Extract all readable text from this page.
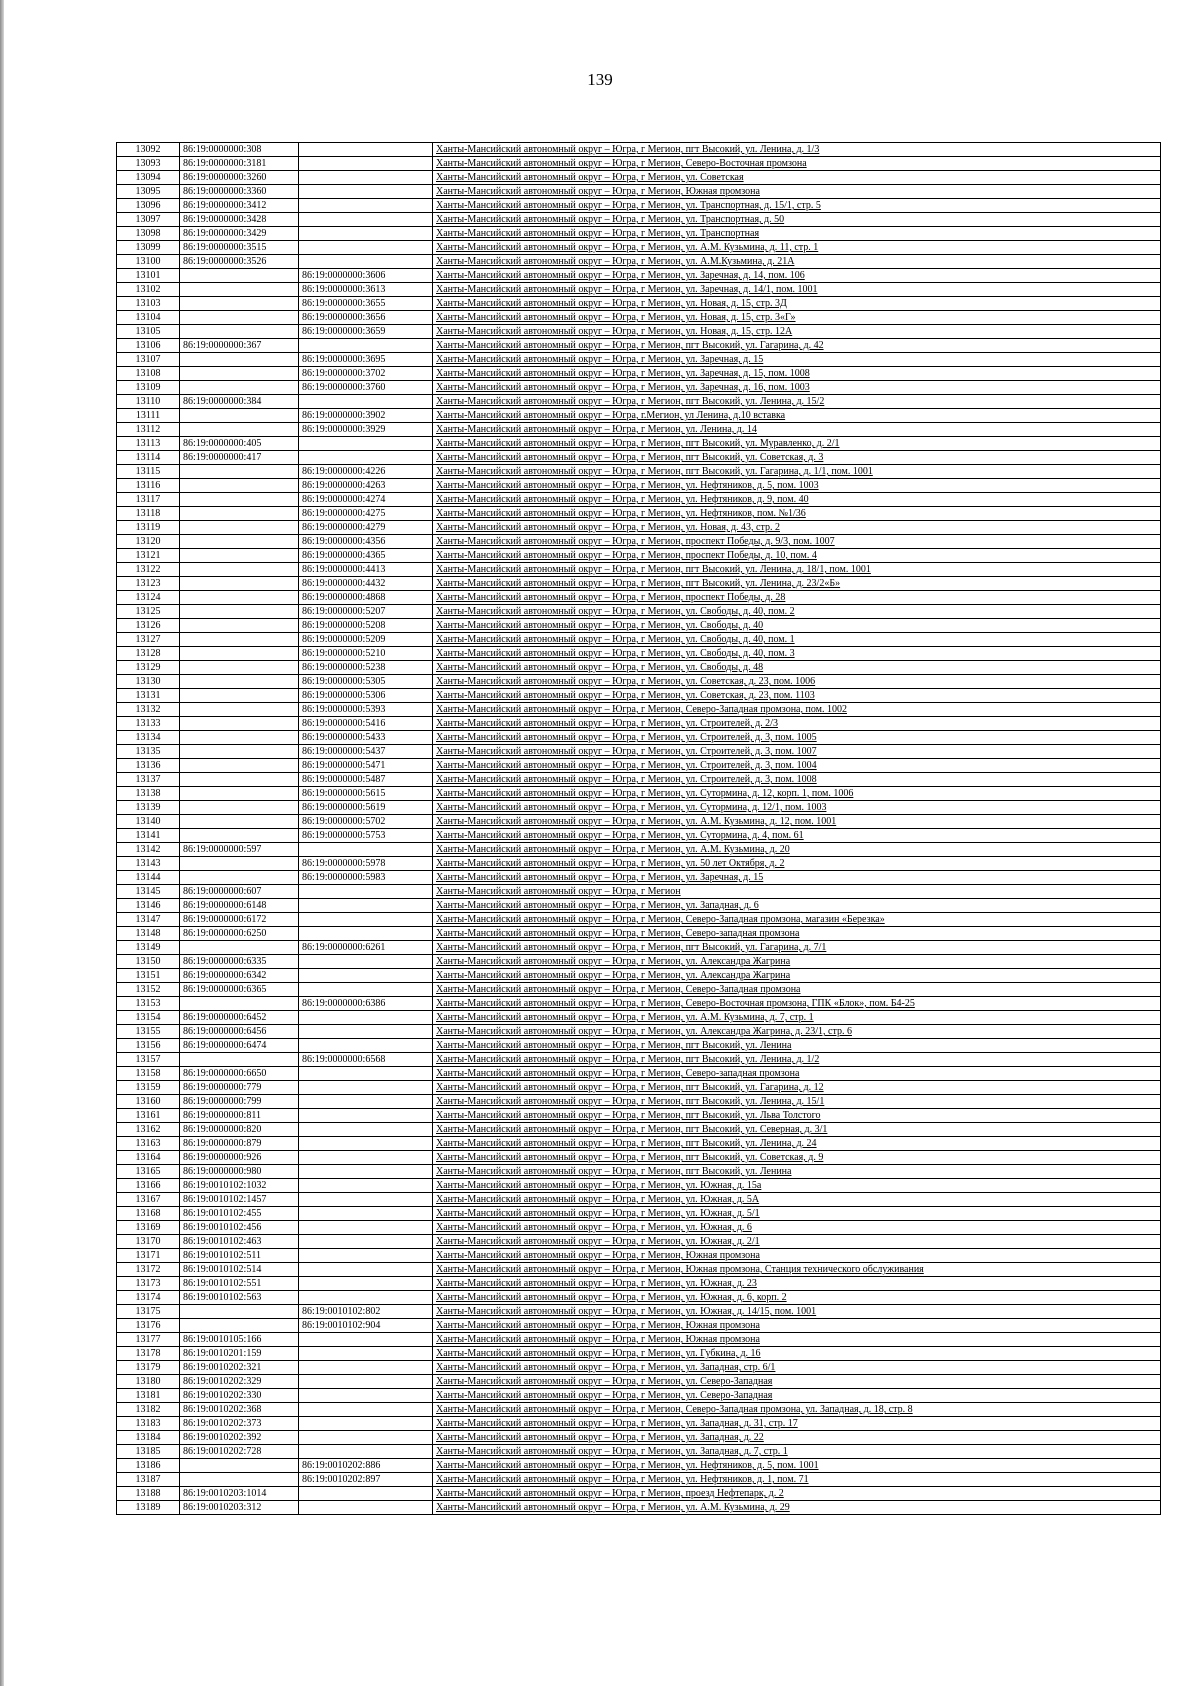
139
13092	86:19:0000000:308		Ханты-Мансийский автономный округ – Югра, г Мегион, пгт Высокий, ул. Ленина, д. 1/3
13093	86:19:0000000:3181		Ханты-Мансийский автономный округ – Югра, г Мегион, Северо-Восточная промзона
13094	86:19:0000000:3260		Ханты-Мансийский автономный округ – Югра, г Мегион, ул. Советская
13095	86:19:0000000:3360		Ханты-Мансийский автономный округ – Югра, г Мегион, Южная промзона
13096	86:19:0000000:3412		Ханты-Мансийский автономный округ – Югра, г Мегион, ул. Транспортная, д. 15/1, стр. 5
13097	86:19:0000000:3428		Ханты-Мансийский автономный округ – Югра, г Мегион, ул. Транспортная, д. 50
13098	86:19:0000000:3429		Ханты-Мансийский автономный округ – Югра, г Мегион, ул. Транспортная
13099	86:19:0000000:3515		Ханты-Мансийский автономный округ – Югра, г Мегион, ул. А.М. Кузьмина, д. 11, стр. 1
13100	86:19:0000000:3526		Ханты-Мансийский автономный округ – Югра, г Мегион, ул. А.М.Кузьмина, д. 21А
13101		86:19:0000000:3606	Ханты-Мансийский автономный округ – Югра, г Мегион, ул. Заречная, д. 14, пом. 106
13102		86:19:0000000:3613	Ханты-Мансийский автономный округ – Югра, г Мегион, ул. Заречная, д. 14/1, пом. 1001
13103		86:19:0000000:3655	Ханты-Мансийский автономный округ – Югра, г Мегион, ул. Новая, д. 15, стр. 3Д
13104		86:19:0000000:3656	Ханты-Мансийский автономный округ – Югра, г Мегион, ул. Новая, д. 15, стр. 3«Г»
13105		86:19:0000000:3659	Ханты-Мансийский автономный округ – Югра, г Мегион, ул. Новая, д. 15, стр. 12А
13106	86:19:0000000:367		Ханты-Мансийский автономный округ – Югра, г Мегион, пгт Высокий, ул. Гагарина, д. 42
13107		86:19:0000000:3695	Ханты-Мансийский автономный округ – Югра, г Мегион, ул. Заречная, д. 15
13108		86:19:0000000:3702	Ханты-Мансийский автономный округ – Югра, г Мегион, ул. Заречная, д. 15, пом. 1008
13109		86:19:0000000:3760	Ханты-Мансийский автономный округ – Югра, г Мегион, ул. Заречная, д. 16, пом. 1003
13110	86:19:0000000:384		Ханты-Мансийский автономный округ – Югра, г Мегион, пгт Высокий, ул. Ленина, д. 15/2
13111		86:19:0000000:3902	Ханты-Мансийский автономный округ – Югра, г.Мегион, ул Ленина, д.10 вставка
13112		86:19:0000000:3929	Ханты-Мансийский автономный округ – Югра, г Мегион, ул. Ленина, д. 14
13113	86:19:0000000:405		Ханты-Мансийский автономный округ – Югра, г Мегион, пгт Высокий, ул. Муравленко, д. 2/1
13114	86:19:0000000:417		Ханты-Мансийский автономный округ – Югра, г Мегион, пгт Высокий, ул. Советская, д. 3
13115		86:19:0000000:4226	Ханты-Мансийский автономный округ – Югра, г Мегион, пгт Высокий, ул. Гагарина, д. 1/1, пом. 1001
13116		86:19:0000000:4263	Ханты-Мансийский автономный округ – Югра, г Мегион, ул. Нефтяников, д. 5, пом. 1003
13117		86:19:0000000:4274	Ханты-Мансийский автономный округ – Югра, г Мегион, ул. Нефтяников, д. 9, пом. 40
13118		86:19:0000000:4275	Ханты-Мансийский автономный округ – Югра, г Мегион, ул. Нефтяников, пом. №1/36
13119		86:19:0000000:4279	Ханты-Мансийский автономный округ – Югра, г Мегион, ул. Новая, д. 43, стр. 2
13120		86:19:0000000:4356	Ханты-Мансийский автономный округ – Югра, г Мегион, проспект Победы, д. 9/3, пом. 1007
13121		86:19:0000000:4365	Ханты-Мансийский автономный округ – Югра, г Мегион, проспект Победы, д. 10, пом. 4
13122		86:19:0000000:4413	Ханты-Мансийский автономный округ – Югра, г Мегион, пгт Высокий, ул. Ленина, д. 18/1, пом. 1001
13123		86:19:0000000:4432	Ханты-Мансийский автономный округ – Югра, г Мегион, пгт Высокий, ул. Ленина, д. 23/2«Б»
13124		86:19:0000000:4868	Ханты-Мансийский автономный округ – Югра, г Мегион, проспект Победы, д. 28
13125		86:19:0000000:5207	Ханты-Мансийский автономный округ – Югра, г Мегион, ул. Свободы, д. 40, пом. 2
13126		86:19:0000000:5208	Ханты-Мансийский автономный округ – Югра, г Мегион, ул. Свободы, д. 40
13127		86:19:0000000:5209	Ханты-Мансийский автономный округ – Югра, г Мегион, ул. Свободы, д. 40, пом. 1
13128		86:19:0000000:5210	Ханты-Мансийский автономный округ – Югра, г Мегион, ул. Свободы, д. 40, пом. 3
13129		86:19:0000000:5238	Ханты-Мансийский автономный округ – Югра, г Мегион, ул. Свободы, д. 48
13130		86:19:0000000:5305	Ханты-Мансийский автономный округ – Югра, г Мегион, ул. Советская, д. 23, пом. 1006
13131		86:19:0000000:5306	Ханты-Мансийский автономный округ – Югра, г Мегион, ул. Советская, д. 23, пом. 1103
13132		86:19:0000000:5393	Ханты-Мансийский автономный округ – Югра, г Мегион, Северо-Западная промзона, пом. 1002
13133		86:19:0000000:5416	Ханты-Мансийский автономный округ – Югра, г Мегион, ул. Строителей, д. 2/3
13134		86:19:0000000:5433	Ханты-Мансийский автономный округ – Югра, г Мегион, ул. Строителей, д. 3, пом. 1005
13135		86:19:0000000:5437	Ханты-Мансийский автономный округ – Югра, г Мегион, ул. Строителей, д. 3, пом. 1007
13136		86:19:0000000:5471	Ханты-Мансийский автономный округ – Югра, г Мегион, ул. Строителей, д. 3, пом. 1004
13137		86:19:0000000:5487	Ханты-Мансийский автономный округ – Югра, г Мегион, ул. Строителей, д. 3, пом. 1008
13138		86:19:0000000:5615	Ханты-Мансийский автономный округ – Югра, г Мегион, ул. Сутормина, д. 12, корп. 1, пом. 1006
13139		86:19:0000000:5619	Ханты-Мансийский автономный округ – Югра, г Мегион, ул. Сутормина, д. 12/1, пом. 1003
13140		86:19:0000000:5702	Ханты-Мансийский автономный округ – Югра, г Мегион, ул. А.М. Кузьмина, д. 12, пом. 1001
13141		86:19:0000000:5753	Ханты-Мансийский автономный округ – Югра, г Мегион, ул. Сутормина, д. 4, пом. 61
13142	86:19:0000000:597		Ханты-Мансийский автономный округ – Югра, г Мегион, ул. А.М. Кузьмина, д. 20
13143		86:19:0000000:5978	Ханты-Мансийский автономный округ – Югра, г Мегион, ул. 50 лет Октября, д. 2
13144		86:19:0000000:5983	Ханты-Мансийский автономный округ – Югра, г Мегион, ул. Заречная, д. 15
13145	86:19:0000000:607		Ханты-Мансийский автономный округ – Югра, г Мегион
13146	86:19:0000000:6148		Ханты-Мансийский автономный округ – Югра, г Мегион, ул. Западная, д. 6
13147	86:19:0000000:6172		Ханты-Мансийский автономный округ – Югра, г Мегион, Северо-Западная промзона, магазин «Березка»
13148	86:19:0000000:6250		Ханты-Мансийский автономный округ – Югра, г Мегион, Северо-западная промзона
13149		86:19:0000000:6261	Ханты-Мансийский автономный округ – Югра, г Мегион, пгт Высокий, ул. Гагарина, д. 7/1
13150	86:19:0000000:6335		Ханты-Мансийский автономный округ – Югра, г Мегион, ул. Александра Жагрина
13151	86:19:0000000:6342		Ханты-Мансийский автономный округ – Югра, г Мегион, ул. Александра Жагрина
13152	86:19:0000000:6365		Ханты-Мансийский автономный округ – Югра, г Мегион, Северо-Западная промзона
13153		86:19:0000000:6386	Ханты-Мансийский автономный округ – Югра, г Мегион, Северо-Восточная промзона, ГПК «Блок», пом. Б4-25
13154	86:19:0000000:6452		Ханты-Мансийский автономный округ – Югра, г Мегион, ул. А.М. Кузьмина, д. 7, стр. 1
13155	86:19:0000000:6456		Ханты-Мансийский автономный округ – Югра, г Мегион, ул. Александра Жагрина, д. 23/1, стр. 6
13156	86:19:0000000:6474		Ханты-Мансийский автономный округ – Югра, г Мегион, пгт Высокий, ул. Ленина
13157		86:19:0000000:6568	Ханты-Мансийский автономный округ – Югра, г Мегион, пгт Высокий, ул. Ленина, д. 1/2
13158	86:19:0000000:6650		Ханты-Мансийский автономный округ – Югра, г Мегион, Северо-западная промзона
13159	86:19:0000000:779		Ханты-Мансийский автономный округ – Югра, г Мегион, пгт Высокий, ул. Гагарина, д. 12
13160	86:19:0000000:799		Ханты-Мансийский автономный округ – Югра, г Мегион, пгт Высокий, ул. Ленина, д. 15/1
13161	86:19:0000000:811		Ханты-Мансийский автономный округ – Югра, г Мегион, пгт Высокий, ул. Льва Толстого
13162	86:19:0000000:820		Ханты-Мансийский автономный округ – Югра, г Мегион, пгт Высокий, ул. Северная, д. 3/1
13163	86:19:0000000:879		Ханты-Мансийский автономный округ – Югра, г Мегион, пгт Высокий, ул. Ленина, д. 24
13164	86:19:0000000:926		Ханты-Мансийский автономный округ – Югра, г Мегион, пгт Высокий, ул. Советская, д. 9
13165	86:19:0000000:980		Ханты-Мансийский автономный округ – Югра, г Мегион, пгт Высокий, ул. Ленина
13166	86:19:0010102:1032		Ханты-Мансийский автономный округ – Югра, г Мегион, ул. Южная, д. 15а
13167	86:19:0010102:1457		Ханты-Мансийский автономный округ – Югра, г Мегион, ул. Южная, д. 5А
13168	86:19:0010102:455		Ханты-Мансийский автономный округ – Югра, г Мегион, ул. Южная, д. 5/1
13169	86:19:0010102:456		Ханты-Мансийский автономный округ – Югра, г Мегион, ул. Южная, д. 6
13170	86:19:0010102:463		Ханты-Мансийский автономный округ – Югра, г Мегион, ул. Южная, д. 2/1
13171	86:19:0010102:511		Ханты-Мансийский автономный округ – Югра, г Мегион, Южная промзона
13172	86:19:0010102:514		Ханты-Мансийский автономный округ – Югра, г Мегион, Южная промзона, Станция технического обслуживания
13173	86:19:0010102:551		Ханты-Мансийский автономный округ – Югра, г Мегион, ул. Южная, д. 23
13174	86:19:0010102:563		Ханты-Мансийский автономный округ – Югра, г Мегион, ул. Южная, д. 6, корп. 2
13175		86:19:0010102:802	Ханты-Мансийский автономный округ – Югра, г Мегион, ул. Южная, д. 14/15, пом. 1001
13176		86:19:0010102:904	Ханты-Мансийский автономный округ – Югра, г Мегион, Южная промзона
13177	86:19:0010105:166		Ханты-Мансийский автономный округ – Югра, г Мегион, Южная промзона
13178	86:19:0010201:159		Ханты-Мансийский автономный округ – Югра, г Мегион, ул. Губкина, д. 16
13179	86:19:0010202:321		Ханты-Мансийский автономный округ – Югра, г Мегион, ул. Западная, стр. 6/1
13180	86:19:0010202:329		Ханты-Мансийский автономный округ – Югра, г Мегион, ул. Северо-Западная
13181	86:19:0010202:330		Ханты-Мансийский автономный округ – Югра, г Мегион, ул. Северо-Западная
13182	86:19:0010202:368		Ханты-Мансийский автономный округ – Югра, г Мегион, Северо-Западная промзона, ул. Западная, д. 18, стр. 8
13183	86:19:0010202:373		Ханты-Мансийский автономный округ – Югра, г Мегион, ул. Западная, д. 31, стр. 17
13184	86:19:0010202:392		Ханты-Мансийский автономный округ – Югра, г Мегион, ул. Западная, д. 22
13185	86:19:0010202:728		Ханты-Мансийский автономный округ – Югра, г Мегион, ул. Западная, д. 7, стр. 1
13186		86:19:0010202:886	Ханты-Мансийский автономный округ – Югра, г Мегион, ул. Нефтяников, д. 5, пом. 1001
13187		86:19:0010202:897	Ханты-Мансийский автономный округ – Югра, г Мегион, ул. Нефтяников, д. 1, пом. 71
13188	86:19:0010203:1014		Ханты-Мансийский автономный округ – Югра, г Мегион, проезд Нефтепарк, д. 2
13189	86:19:0010203:312		Ханты-Мансийский автономный округ – Югра, г Мегион, ул. А.М. Кузьмина, д. 29
